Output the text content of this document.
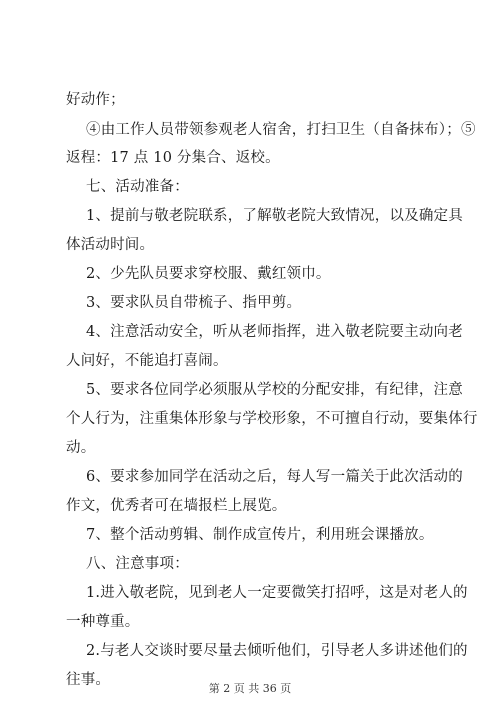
好动作；
④由工作人员带领参观老人宿舍，打扫卫生（自备抹布）；⑤
返程：17 点 10 分集合、返校。
七、活动准备：
1、提前与敬老院联系，了解敬老院大致情况，以及确定具
体活动时间。
2、少先队员要求穿校服、戴红领巾。
3、要求队员自带梳子、指甲剪。
4、注意活动安全，听从老师指挥，进入敬老院要主动向老
人问好，不能追打喜闹。
5、要求各位同学必须服从学校的分配安排，有纪律，注意
个人行为，注重集体形象与学校形象，不可擅自行动，要集体行
动。
6、要求参加同学在活动之后，每人写一篇关于此次活动的
作文，优秀者可在墙报栏上展览。
7、整个活动剪辑、制作成宣传片，利用班会课播放。
八、注意事项：
1.进入敬老院，见到老人一定要微笑打招呼，这是对老人的
一种尊重。
2.与老人交谈时要尽量去倾听他们，引导老人多讲述他们的
往事。
第 2 页 共 36 页
